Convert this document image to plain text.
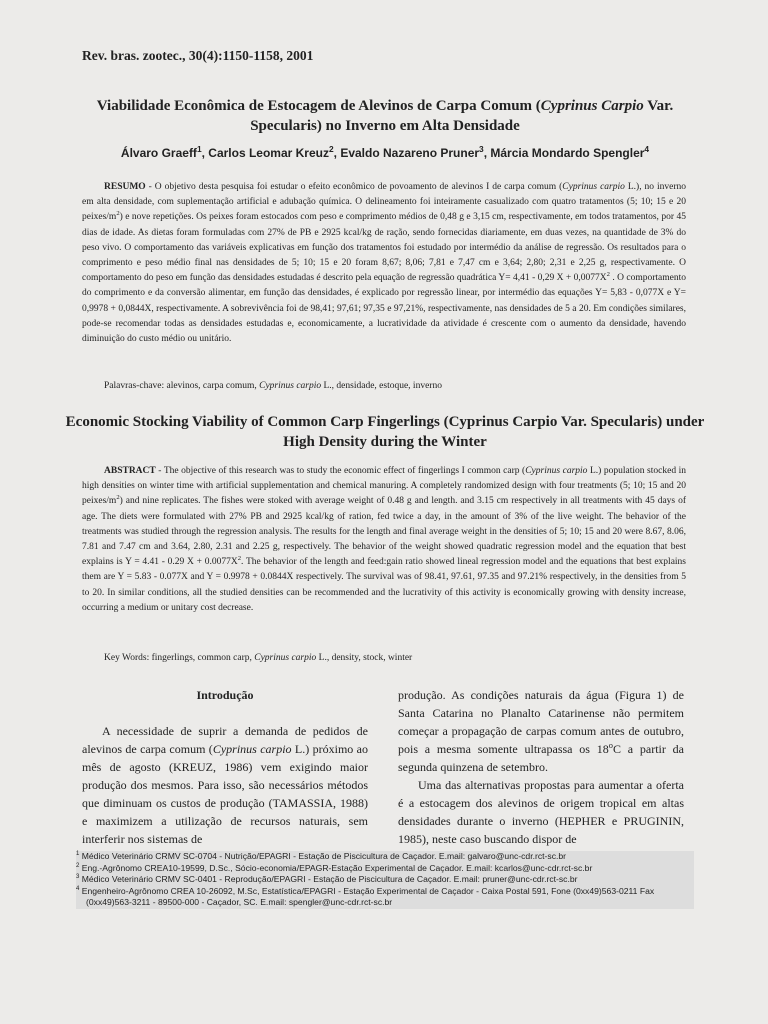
Rev. bras. zootec., 30(4):1150-1158, 2001
Viabilidade Econômica de Estocagem de Alevinos de Carpa Comum (Cyprinus Carpio Var. Specularis) no Inverno em Alta Densidade
Álvaro Graeff$^1$, Carlos Leomar Kreuz$^2$, Evaldo Nazareno Pruner$^3$, Márcia Mondardo Spengler$^4$
RESUMO - O objetivo desta pesquisa foi estudar o efeito econômico de povoamento de alevinos I de carpa comum (Cyprinus carpio L.), no inverno em alta densidade, com suplementação artificial e adubação química. O delineamento foi inteiramente casualizado com quatro tratamentos (5; 10; 15 e 20 peixes/$m^2$) e nove repetições. Os peixes foram estocados com peso e comprimento médios de 0,48 g e 3,15 cm, respectivamente, em todos tratamentos, por 45 dias de idade. As dietas foram formuladas com 27% de PB e 2925 kcal/kg de ração, sendo fornecidas diariamente, em duas vezes, na quantidade de 3% do peso vivo. O comportamento das variáveis explicativas em função dos tratamentos foi estudado por intermédio da análise de regressão. Os resultados para o comprimento e peso médio final nas densidades de 5; 10; 15 e 20 foram 8,67; 8,06; 7,81 e 7,47 cm e 3,64; 2,80; 2,31 e 2,25 g, respectivamente. O comportamento do peso em função das densidades estudadas é descrito pela equação de regressão quadrática Y= 4,41 - 0,29 $X + 0,0077X^2$ . O comportamento do comprimento e da conversão alimentar, em função das densidades, é explicado por regressão linear, por intermédio das equações Y= 5,83 - 0,077X e Y= 0,9978 + 0,0844X, respectivamente. A sobrevivência foi de 98,41; 97,61; 97,35 e 97,21%, respectivamente, nas densidades de 5 a 20. Em condições similares, pode-se recomendar todas as densidades estudadas e, economicamente, a lucratividade da atividade é crescente com o aumento da densidade, havendo diminuição do custo médio ou unitário.
Palavras-chave: alevinos, carpa comum, Cyprinus carpio L., densidade, estoque, inverno
Economic Stocking Viability of Common Carp Fingerlings (Cyprinus Carpio Var. Specularis) under High Density during the Winter
ABSTRACT - The objective of this research was to study the economic effect of fingerlings I common carp (Cyprinus carpio L.) population stocked in high densities on winter time with artificial supplementation and chemical manuring. A completely randomized design with four treatments (5; 10; 15 and 20 peixes/$m^2$) and nine replicates. The fishes were stoked with average weight of 0.48 g and length. and 3.15 cm respectively in all treatments with 45 days of age. The diets were formulated with 27% PB and 2925 kcal/kg of ration, fed twice a day, in the amount of 3% of the live weight. The behavior of the treatments was studied through the regression analysis. The results for the length and final average weight in the densities of 5; 10; 15 and 20 were 8.67, 8.06, 7.81 and 7.47 cm and 3.64, 2.80, 2.31 and 2.25 g, respectively. The behavior of the weight showed quadratic regression model and the equation that best explains is Y = 4.41 - 0.29 $X + 0.0077X^2$. The behavior of the length and feed:gain ratio showed lineal regression model and the equations that best explains them are Y = 5.83 - 0.077X and Y = 0.9978 + 0.0844X respectively. The survival was of 98.41, 97.61, 97.35 and 97.21% respectively, in the densities from 5 to 20. In similar conditions, all the studied densities can be recommended and the lucrativity of this activity is economically growing with density increase, occurring a medium or unitary cost decrease.
Key Words: fingerlings, common carp, Cyprinus carpio L., density, stock, winter
Introdução

A necessidade de suprir a demanda de pedidos de alevinos de carpa comum (Cyprinus carpio L.) próximo ao mês de agosto (KREUZ, 1986) vem exigindo maior produção dos mesmos. Para isso, são necessários métodos que diminuam os custos de produção (TAMASSIA, 1988) e maximizem a utilização de recursos naturais, sem interferir nos sistemas de

produção. As condições naturais da água (Figura 1) de Santa Catarina no Planalto Catarinense não permitem começar a propagação de carpas comum antes de outubro, pois a mesma somente ultrapassa os 18$^o$C a partir da segunda quinzena de setembro.

Uma das alternativas propostas para aumentar a oferta é a estocagem dos alevinos de origem tropical em altas densidades durante o inverno (HEPHER e PRUGININ, 1985), neste caso buscando dispor de

$^1$ Médico Veterinário CRMV SC-0704 - Nutrição/EPAGRI - Estação de Piscicultura de Caçador. E.mail: galvaro@unc-cdr.rct-sc.br
$^2$ Eng.-Agrônomo CREA10-19599, D.Sc., Sócio-economia/EPAGR-Estação Experimental de Caçador. E.mail: kcarlos@unc-cdr.rct-sc.br
$^3$ Médico Veterinário CRMV SC-0401 - Reprodução/EPAGRI - Estação de Piscicultura de Caçador. E.mail: pruner@unc-cdr.rct-sc.br
$^4$ Engenheiro-Agrônomo CREA 10-26092, M.Sc, Estatística/EPAGRI - Estação Experimental de Caçador - Caixa Postal 591, Fone (0xx49)563-0211 Fax (0xx49)563-3211 - 89500-000 - Caçador, SC. E.mail: spengler@unc-cdr.rct-sc.br
